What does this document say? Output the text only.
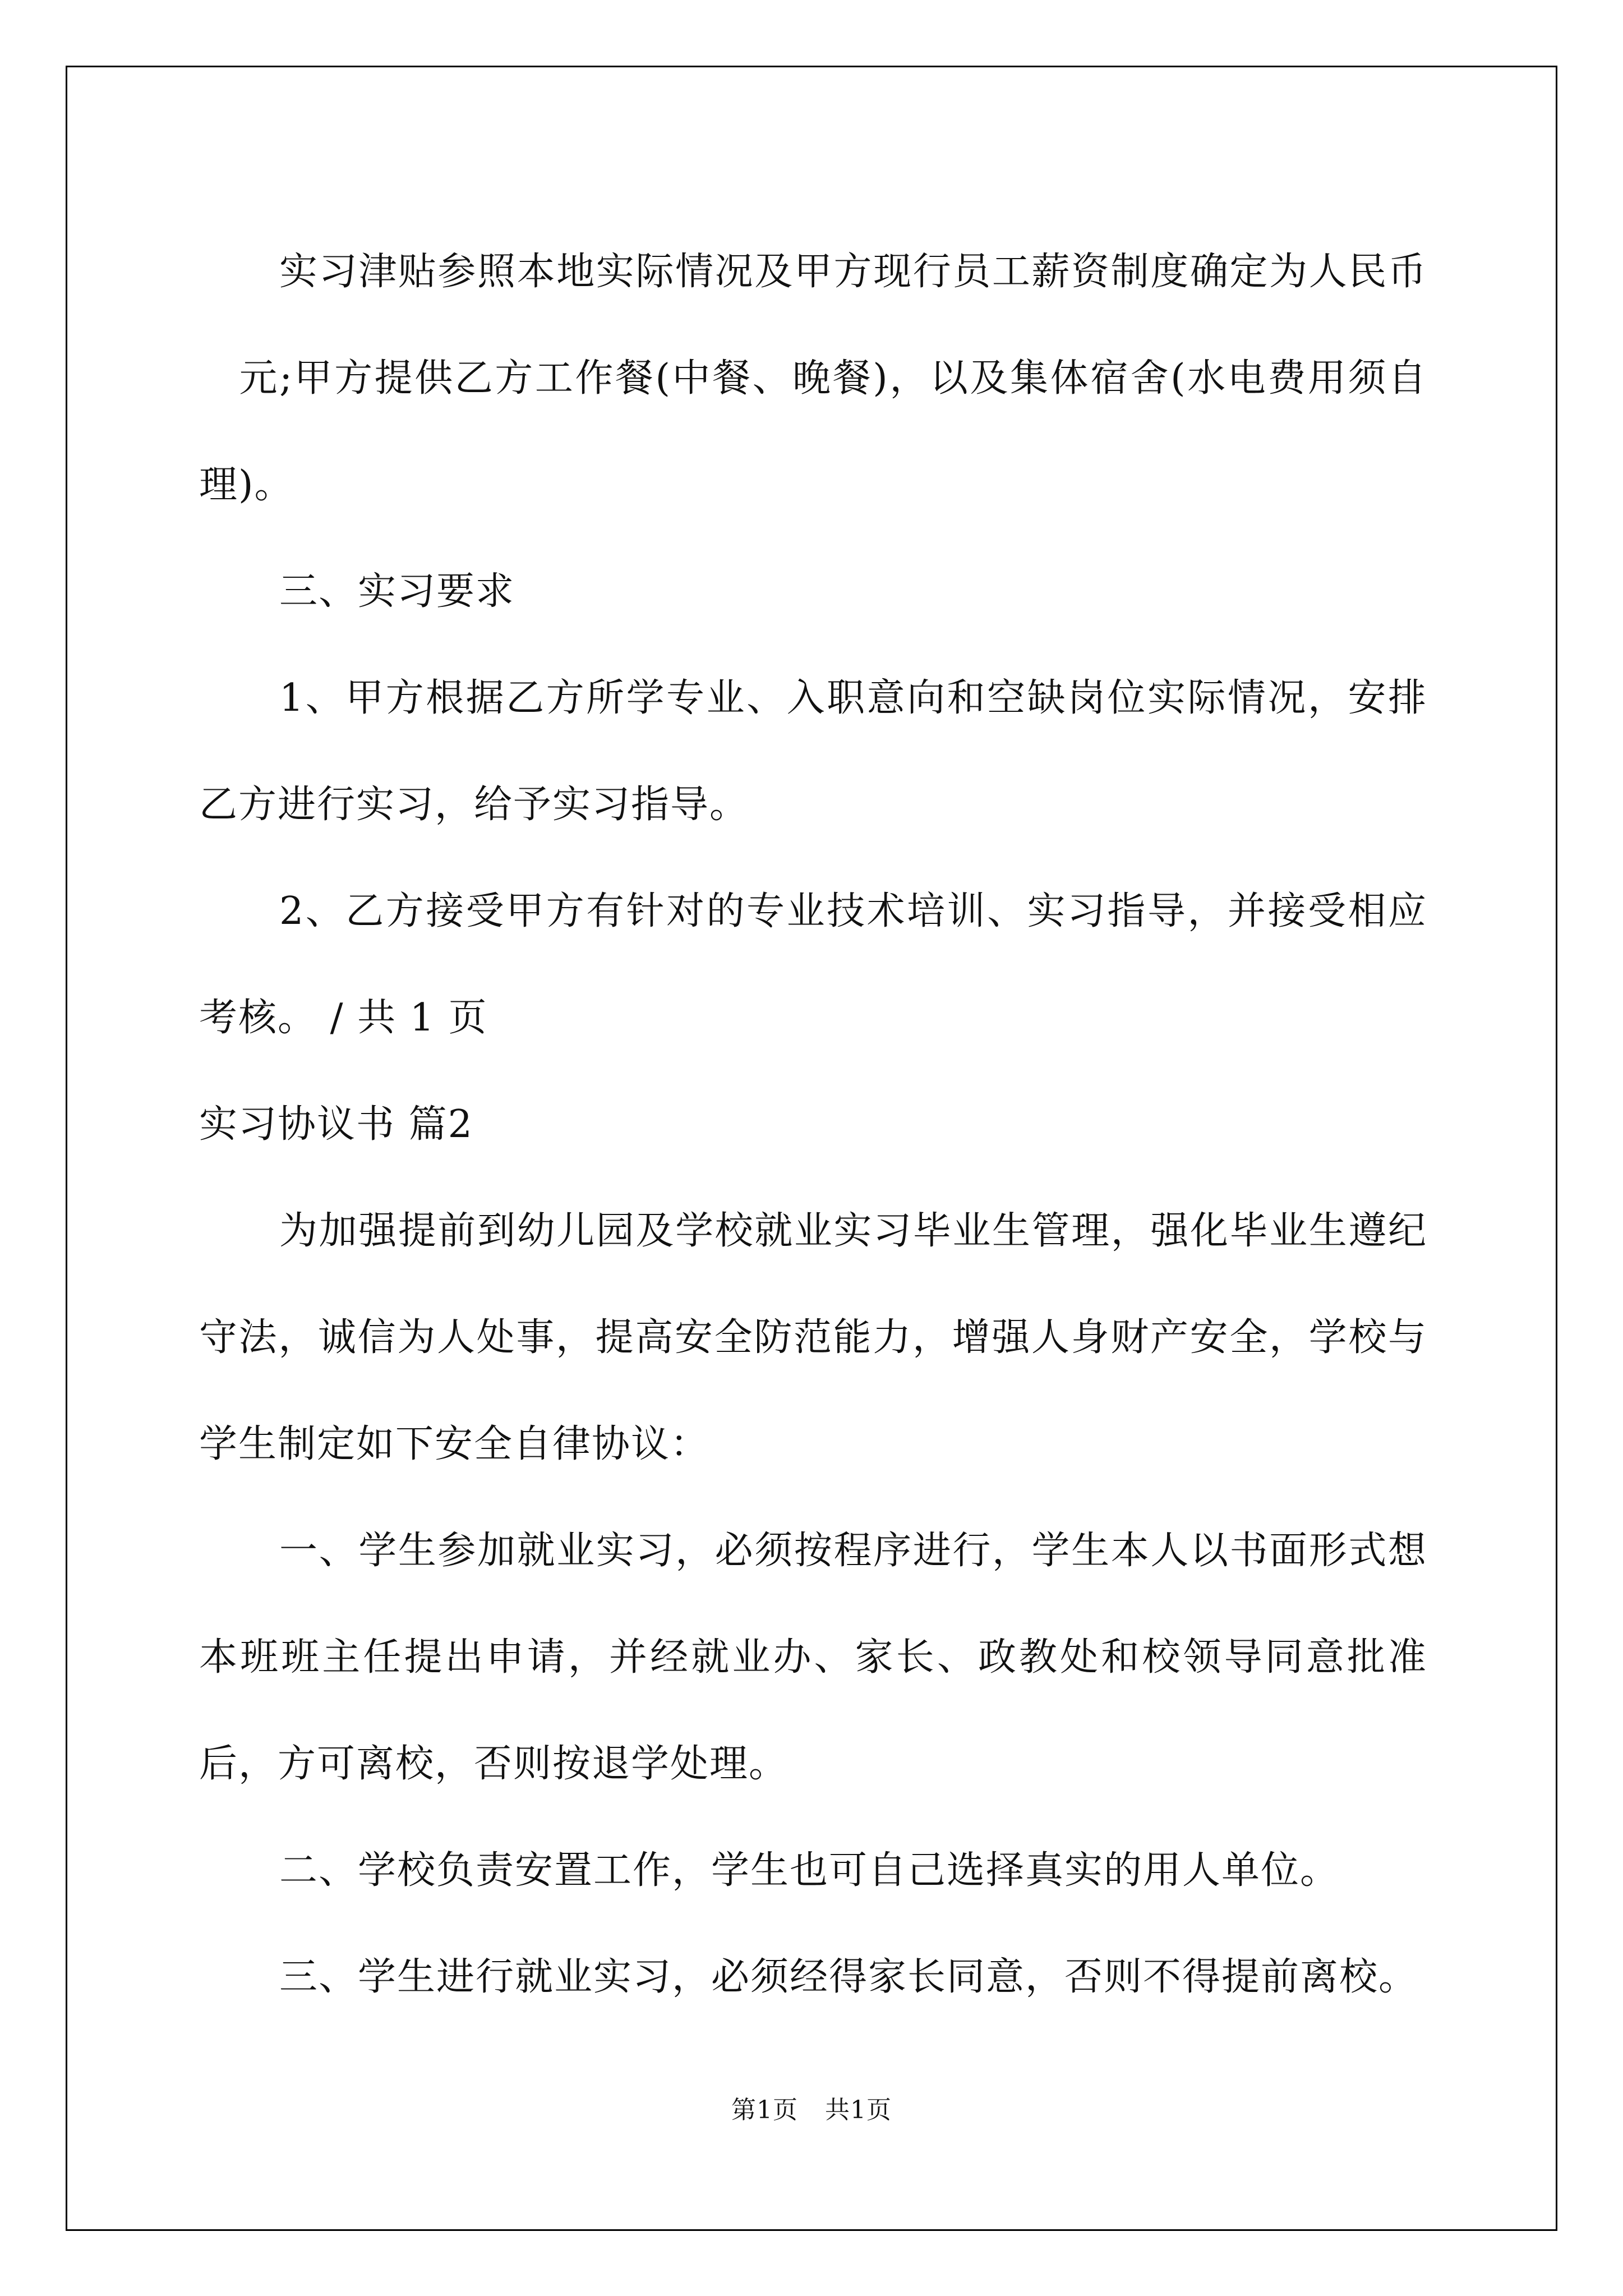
实习津贴参照本地实际情况及甲方现行员工薪资制度确定为人民币元;甲方提供乙方工作餐(中餐、晚餐)，以及集体宿舍(水电费用须自理)。

三、实习要求

1、甲方根据乙方所学专业、入职意向和空缺岗位实际情况，安排乙方进行实习，给予实习指导。

2、乙方接受甲方有针对的专业技术培训、实习指导，并接受相应考核。 / 共 1 页

实习协议书 篇2

为加强提前到幼儿园及学校就业实习毕业生管理，强化毕业生遵纪守法，诚信为人处事，提高安全防范能力，增强人身财产安全，学校与学生制定如下安全自律协议：

一、学生参加就业实习，必须按程序进行，学生本人以书面形式想本班班主任提出申请，并经就业办、家长、政教处和校领导同意批准后，方可离校，否则按退学处理。

二、学校负责安置工作，学生也可自己选择真实的用人单位。

三、学生进行就业实习，必须经得家长同意，否则不得提前离校。

第1页 共1页
